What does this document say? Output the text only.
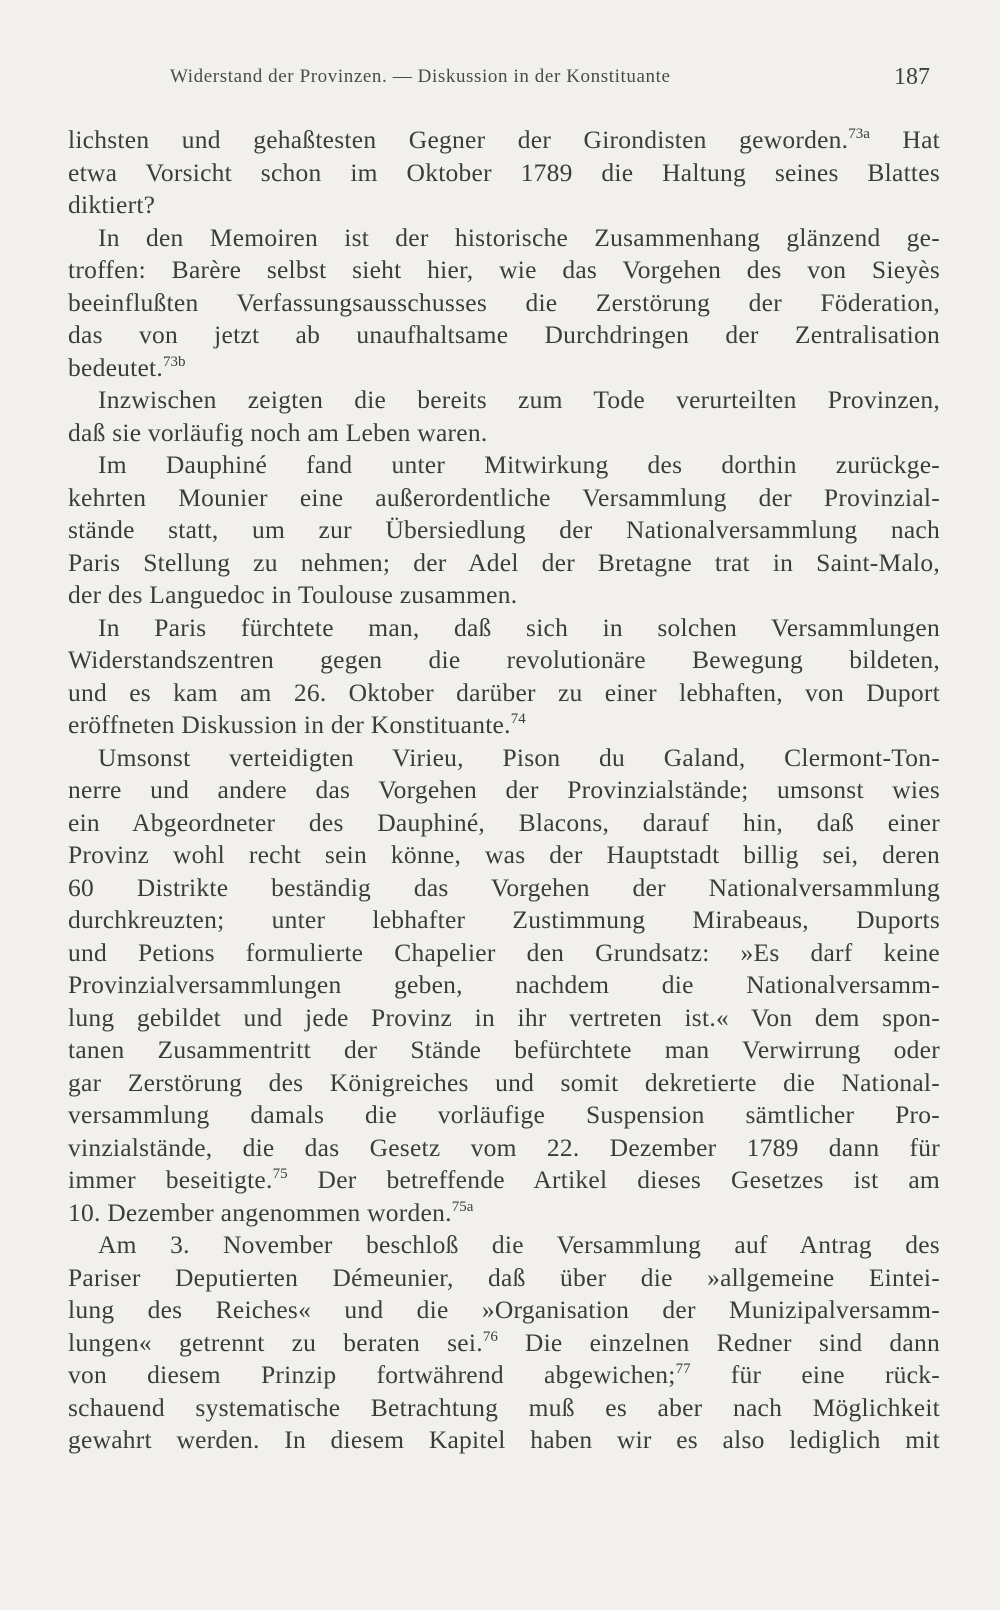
Widerstand der Provinzen. — Diskussion in der Konstituante	187
lichsten und gehaßtesten Gegner der Girondisten geworden.$^{73a}$ Hat
etwa Vorsicht schon im Oktober 1789 die Haltung seines Blattes
diktiert?
In den Memoiren ist der historische Zusammenhang glänzend ge-
troffen: Barère selbst sieht hier, wie das Vorgehen des von Sieyès
beeinflußten Verfassungsausschusses die Zerstörung der Föderation,
das von jetzt ab unaufhaltsame Durchdringen der Zentralisation
bedeutet.$^{73b}$
Inzwischen zeigten die bereits zum Tode verurteilten Provinzen,
daß sie vorläufig noch am Leben waren.
Im Dauphiné fand unter Mitwirkung des dorthin zurückge-
kehrten Mounier eine außerordentliche Versammlung der Provinzial-
stände statt, um zur Übersiedlung der Nationalversammlung nach
Paris Stellung zu nehmen; der Adel der Bretagne trat in Saint-Malo,
der des Languedoc in Toulouse zusammen.
In Paris fürchtete man, daß sich in solchen Versammlungen
Widerstandszentren gegen die revolutionäre Bewegung bildeten,
und es kam am 26. Oktober darüber zu einer lebhaften, von Duport
eröffneten Diskussion in der Konstituante.$^{74}$
Umsonst verteidigten Virieu, Pison du Galand, Clermont-Ton-
nerre und andere das Vorgehen der Provinzialstände; umsonst wies
ein Abgeordneter des Dauphiné, Blacons, darauf hin, daß einer
Provinz wohl recht sein könne, was der Hauptstadt billig sei, deren
60 Distrikte beständig das Vorgehen der Nationalversammlung
durchkreuzten; unter lebhafter Zustimmung Mirabeaus, Duports
und Petions formulierte Chapelier den Grundsatz: »Es darf keine
Provinzialversammlungen geben, nachdem die Nationalversamm-
lung gebildet und jede Provinz in ihr vertreten ist.« Von dem spon-
tanen Zusammentritt der Stände befürchtete man Verwirrung oder
gar Zerstörung des Königreiches und somit dekretierte die National-
versammlung damals die vorläufige Suspension sämtlicher Pro-
vinzialstände, die das Gesetz vom 22. Dezember 1789 dann für
immer beseitigte.$^{75}$ Der betreffende Artikel dieses Gesetzes ist am
10. Dezember angenommen worden.$^{75a}$
Am 3. November beschloß die Versammlung auf Antrag des
Pariser Deputierten Démeunier, daß über die »allgemeine Eintei-
lung des Reiches« und die »Organisation der Munizipalversamm-
lungen« getrennt zu beraten sei.$^{76}$ Die einzelnen Redner sind dann
von diesem Prinzip fortwährend abgewichen;$^{77}$ für eine rück-
schauend systematische Betrachtung muß es aber nach Möglichkeit
gewahrt werden. In diesem Kapitel haben wir es also lediglich mit
